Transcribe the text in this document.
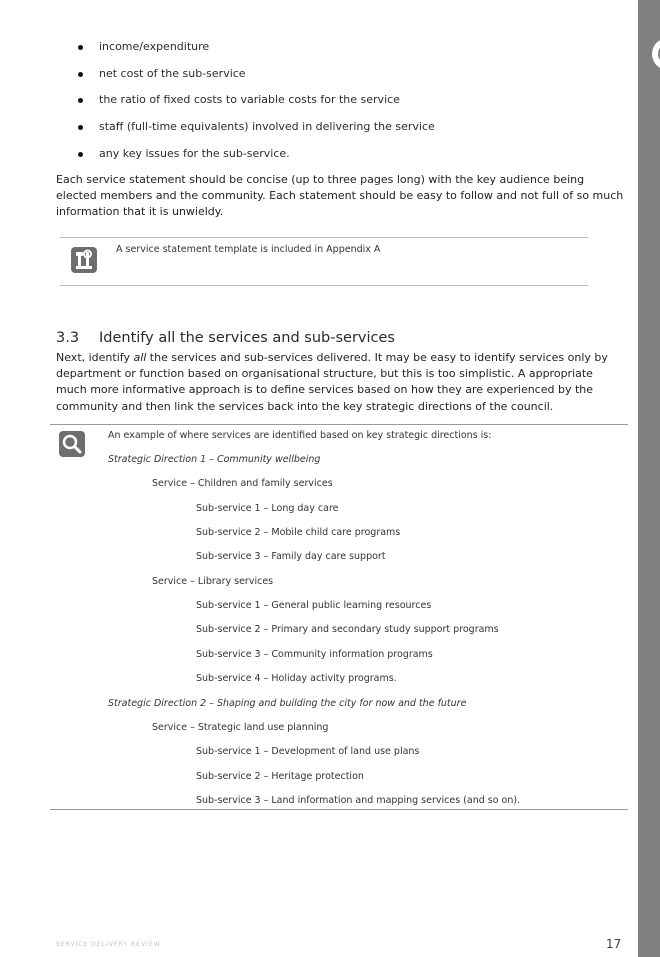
income/expenditure
net cost of the sub-service
the ratio of fixed costs to variable costs for the service
staff (full-time equivalents) involved in delivering the service
any key issues for the sub-service.

Each service statement should be concise (up to three pages long) with the key audience being elected members and the community. Each statement should be easy to follow and not full of so much information that it is unwieldy.

A service statement template is included in Appendix A
3.3 Identify all the services and sub-services

Next, identify all the services and sub-services delivered. It may be easy to identify services only by department or function based on organisational structure, but this is too simplistic. A appropriate much more informative approach is to define services based on how they are experienced by the community and then link the services back into the key strategic directions of the council.

An example of where services are identified based on key strategic directions is:
Strategic Direction 1 – Community wellbeing
Service – Children and family services
Sub-service 1 – Long day care
Sub-service 2 – Mobile child care programs
Sub-service 3 – Family day care support
Service – Library services
Sub-service 1 – General public learning resources
Sub-service 2 – Primary and secondary study support programs
Sub-service 3 – Community information programs
Sub-service 4 – Holiday activity programs.
Strategic Direction 2 – Shaping and building the city for now and the future
Service – Strategic land use planning
Sub-service 1 – Development of land use plans
Sub-service 2 – Heritage protection
Sub-service 3 – Land information and mapping services (and so on).
SERVICE DELIVERY REVIEW	17
